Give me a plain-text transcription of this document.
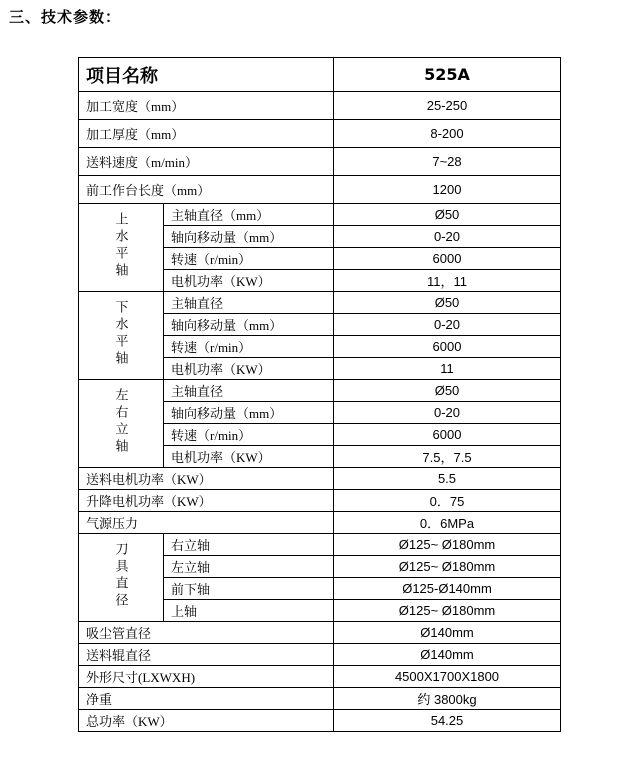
三、技术参数：
项目名称		525A
加工宽度（mm）		25-250
加工厚度（mm）		8-200
送料速度（m/min）		7~28
前工作台长度（mm）		1200
上水平轴	主轴直径（mm）	Ø50
	轴向移动量（mm）	0-20
	转速（r/min）	6000
	电机功率（KW）	11，11
下水平轴	主轴直径	Ø50
	轴向移动量（mm）	0-20
	转速（r/min）	6000
	电机功率（KW）	11
左右立轴	主轴直径	Ø50
	轴向移动量（mm）	0-20
	转速（r/min）	6000
	电机功率（KW）	7.5，7.5
送料电机功率（KW）		5.5
升降电机功率（KW）		0．75
气源压力		0．6MPa
刀具直径	右立轴	Ø125~ Ø180mm
	左立轴	Ø125~ Ø180mm
	前下轴	Ø125-Ø140mm
	上轴	Ø125~ Ø180mm
吸尘管直径		Ø140mm
送料辊直径		Ø140mm
外形尺寸(LXWXH)		4500X1700X1800
净重		约 3800kg
总功率（KW）		54.25
